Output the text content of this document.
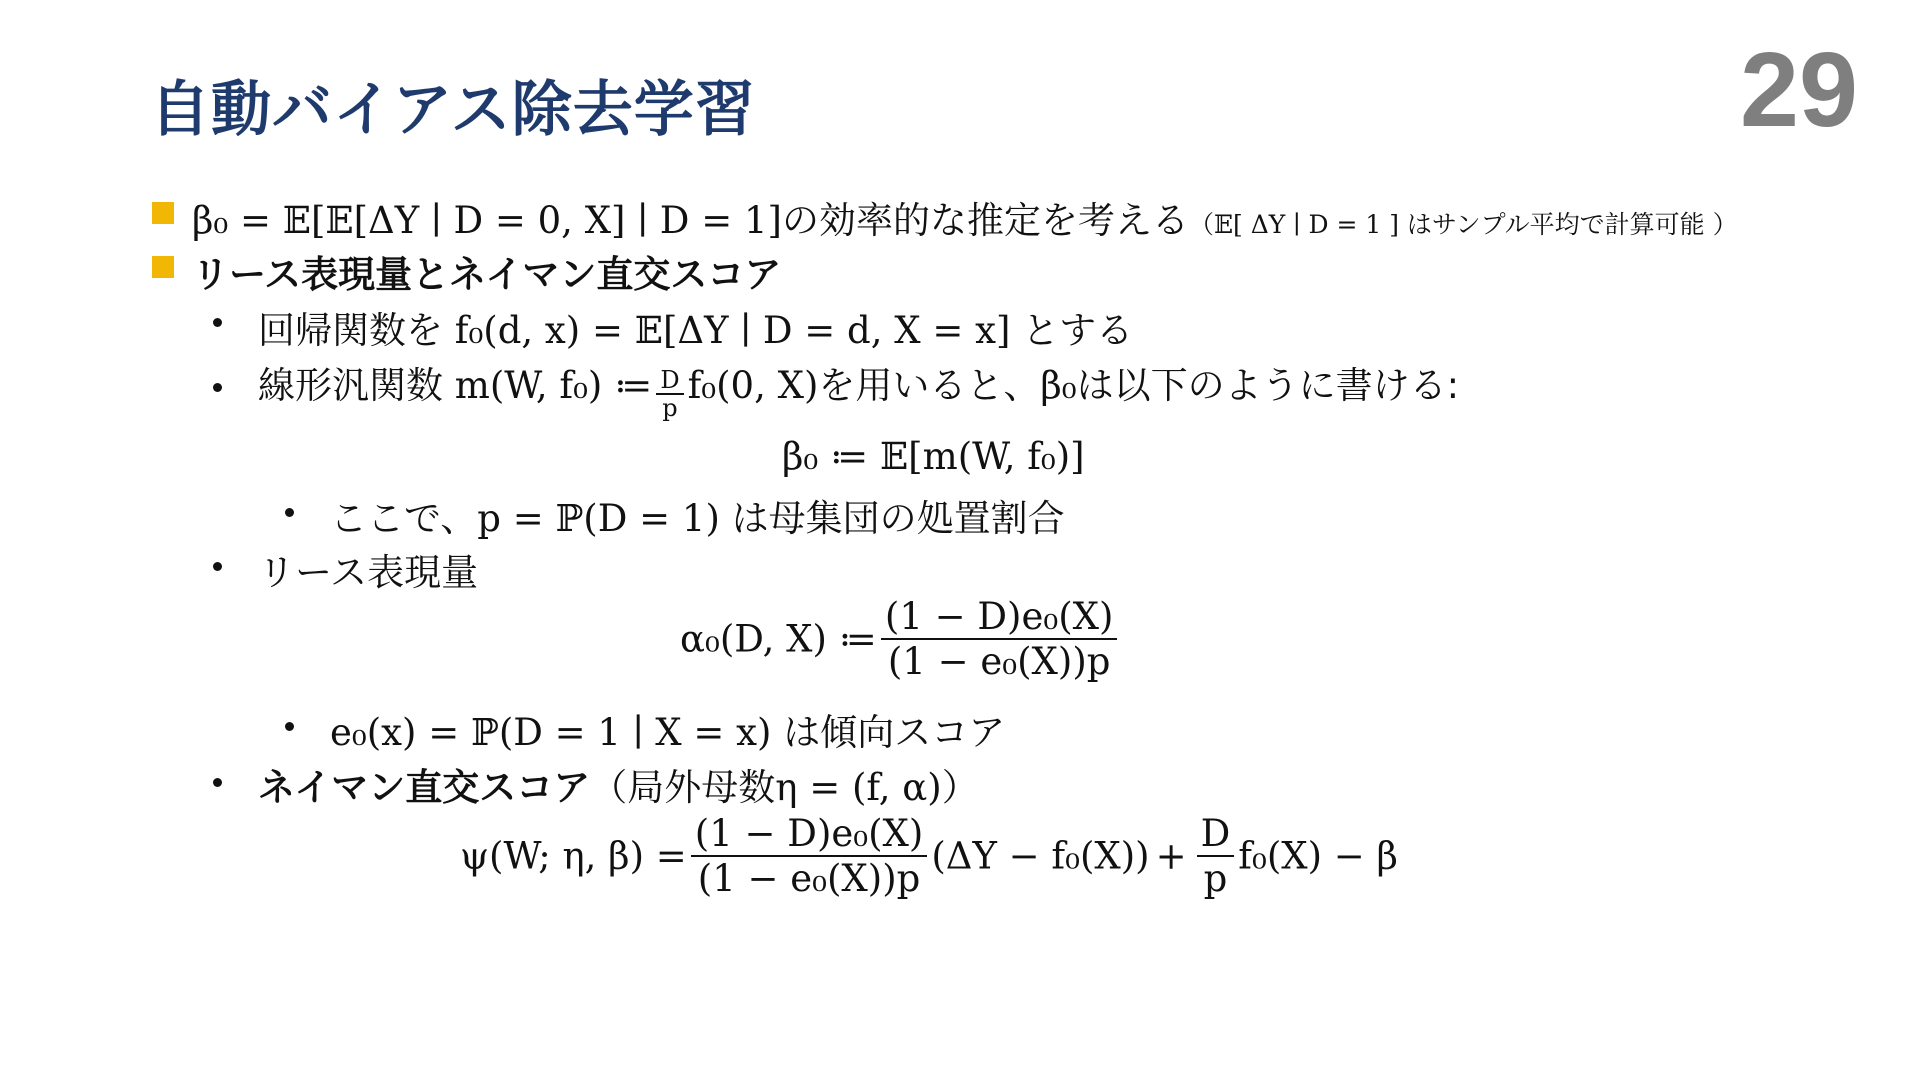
自動バイアス除去学習	29
β₀ = 𝔼[𝔼[ΔY ∣ D = 0, X] ∣ D = 1]の効率的な推定を考える（𝔼[ ΔY ∣ D = 1 ] はサンプル平均で計算可能 ）
リース表現量とネイマン直交スコア
回帰関数を f₀(d, x) = 𝔼[ΔY ∣ D = d, X = x] とする
線形汎関数 m(W, f₀) ≔ $\frac{D}{p} f_0(0$, X)を用いると、β₀は以下のように書ける:
β₀ ≔ 𝔼[m(W, f₀)]
ここで、p = ℙ(D = 1) は母集団の処置割合
リース表現量
α₀(D, X) ≔ $\frac{\text{(1 − D)e₀(X)}}{\text{(1 − e₀(X))p}}$
e₀(x) = ℙ(D = 1 ∣ X = x) は傾向スコア
ネイマン直交スコア（局外母数η = (f, α)）
ψ(W; η, $\beta) = \frac{\text{(1 − D)e₀(X)}}{\text{(1 − e₀(X))p}} (\Delta Y - f_0(X)) + \frac{D}{p} f_0(X) - \beta$
